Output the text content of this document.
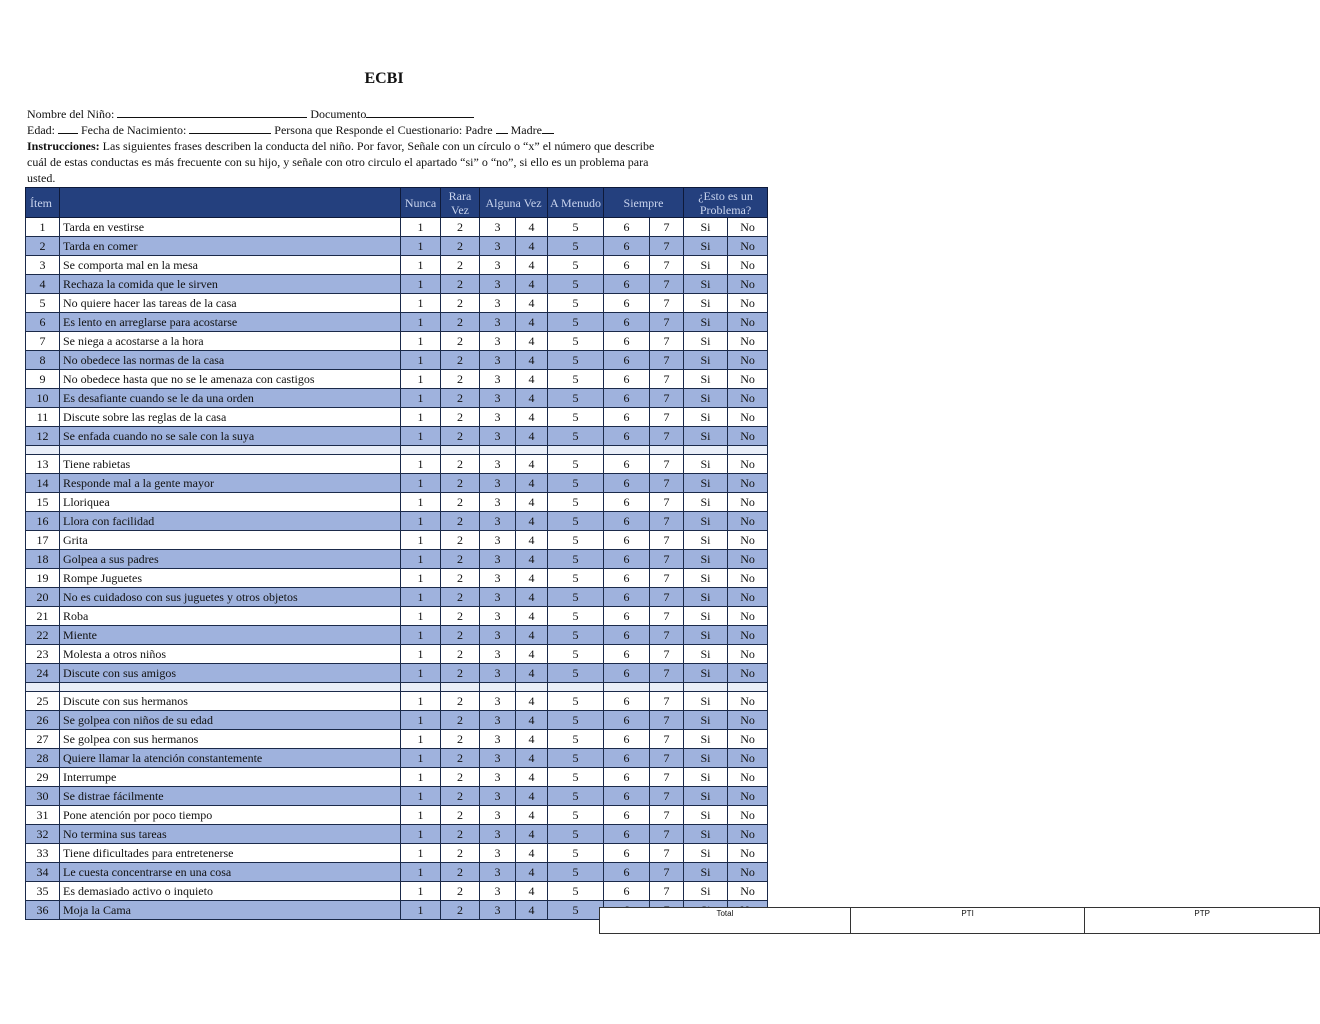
ECBI
Nombre del Niño:	Documento
Edad: Fecha de Nacimiento:	Persona que Responde el Cuestionario: Padre Madre
Instrucciones: Las siguientes frases describen la conducta del niño. Por favor, Señale con un círculo o “x” el número que describe cuál de estas conductas es más frecuente con su hijo, y señale con otro circulo el apartado “si” o “no”, si ello es un problema para usted.
Ítem		Nunca	Rara Vez	Alguna Vez		A Menudo	Siempre		¿Esto es un Problema?	
1	Tarda en vestirse	1	2	3	4	5	6	7	Si	No
2	Tarda en comer	1	2	3	4	5	6	7	Si	No
3	Se comporta mal en la mesa	1	2	3	4	5	6	7	Si	No
4	Rechaza la comida que le sirven	1	2	3	4	5	6	7	Si	No
5	No quiere hacer las tareas de la casa	1	2	3	4	5	6	7	Si	No
6	Es lento en arreglarse para acostarse	1	2	3	4	5	6	7	Si	No
7	Se niega a acostarse a la hora	1	2	3	4	5	6	7	Si	No
8	No obedece las normas de la casa	1	2	3	4	5	6	7	Si	No
9	No obedece hasta que no se le amenaza con castigos	1	2	3	4	5	6	7	Si	No
10	Es desafiante cuando se le da una orden	1	2	3	4	5	6	7	Si	No
11	Discute sobre las reglas de la casa	1	2	3	4	5	6	7	Si	No
12	Se enfada cuando no se sale con la suya	1	2	3	4	5	6	7	Si	No

13	Tiene rabietas	1	2	3	4	5	6	7	Si	No
14	Responde mal a la gente mayor	1	2	3	4	5	6	7	Si	No
15	Lloriquea	1	2	3	4	5	6	7	Si	No
16	Llora con facilidad	1	2	3	4	5	6	7	Si	No
17	Grita	1	2	3	4	5	6	7	Si	No
18	Golpea a sus padres	1	2	3	4	5	6	7	Si	No
19	Rompe Juguetes	1	2	3	4	5	6	7	Si	No
20	No es cuidadoso con sus juguetes y otros objetos	1	2	3	4	5	6	7	Si	No
21	Roba	1	2	3	4	5	6	7	Si	No
22	Miente	1	2	3	4	5	6	7	Si	No
23	Molesta a otros niños	1	2	3	4	5	6	7	Si	No
24	Discute con sus amigos	1	2	3	4	5	6	7	Si	No

25	Discute con sus hermanos	1	2	3	4	5	6	7	Si	No
26	Se golpea con niños de su edad	1	2	3	4	5	6	7	Si	No
27	Se golpea con sus hermanos	1	2	3	4	5	6	7	Si	No
28	Quiere llamar la atención constantemente	1	2	3	4	5	6	7	Si	No
29	Interrumpe	1	2	3	4	5	6	7	Si	No
30	Se distrae fácilmente	1	2	3	4	5	6	7	Si	No
31	Pone atención por poco tiempo	1	2	3	4	5	6	7	Si	No
32	No termina sus tareas	1	2	3	4	5	6	7	Si	No
33	Tiene dificultades para entretenerse	1	2	3	4	5	6	7	Si	No
34	Le cuesta concentrarse en una cosa	1	2	3	4	5	6	7	Si	No
35	Es demasiado activo o inquieto	1	2	3	4	5	6	7	Si	No
36	Moja la Cama	1	2	3	4	5					Total	PTI	PTP
